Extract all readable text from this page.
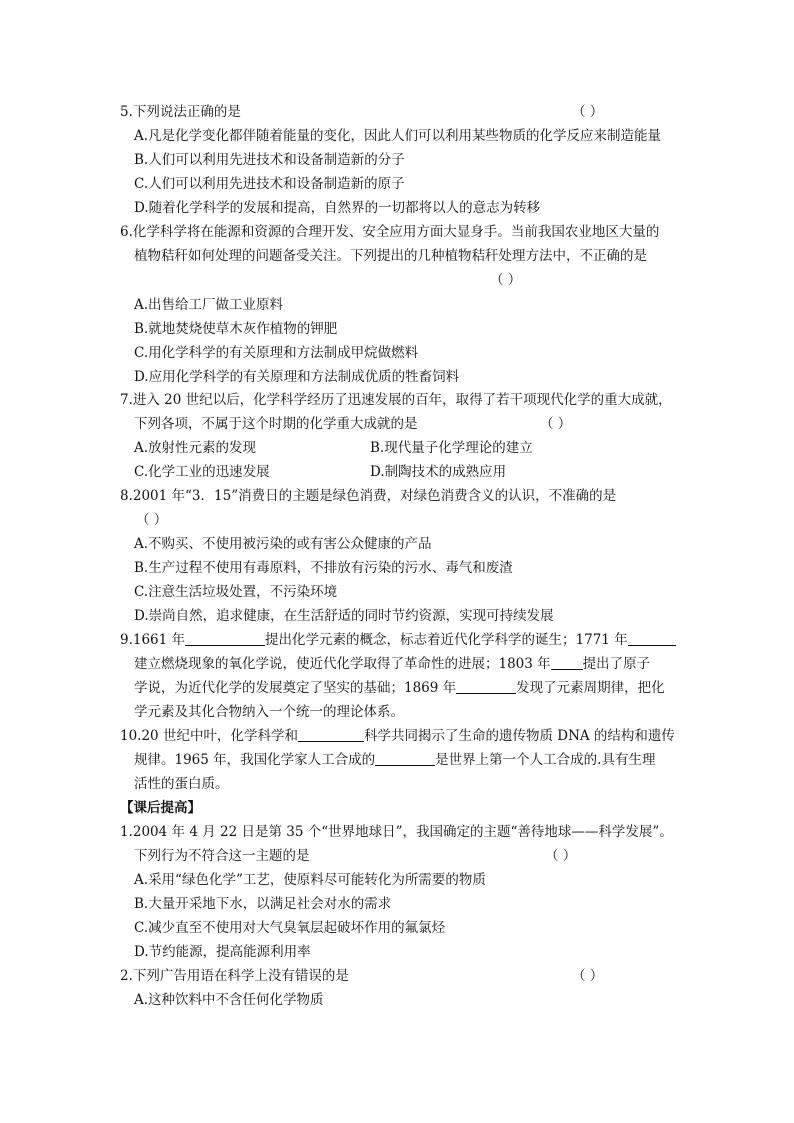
5.下列说法正确的是	（ ）
A.凡是化学变化都伴随着能量的变化，因此人们可以利用某些物质的化学反应来制造能量
B.人们可以利用先进技术和设备制造新的分子
C.人们可以利用先进技术和设备制造新的原子
D.随着化学科学的发展和提高，自然界的一切都将以人的意志为转移
6.化学科学将在能源和资源的合理开发、安全应用方面大显身手。当前我国农业地区大量的
植物秸秆如何处理的问题备受关注。下列提出的几种植物秸秆处理方法中，不正确的是
（ ）
A.出售给工厂做工业原料
B.就地焚烧使草木灰作植物的钾肥
C.用化学科学的有关原理和方法制成甲烷做燃料
D.应用化学科学的有关原理和方法制成优质的牲畜饲料
7.进入 20 世纪以后，化学科学经历了迅速发展的百年，取得了若干项现代化学的重大成就，
下列各项，不属于这个时期的化学重大成就的是	（ ）
A.放射性元素的发现	B.现代量子化学理论的建立
C.化学工业的迅速发展	D.制陶技术的成熟应用
8.2001 年“3．15”消费日的主题是绿色消费，对绿色消费含义的认识，不准确的是
（ ）
A.不购买、不使用被污染的或有害公众健康的产品
B.生产过程不使用有毒原料，不排放有污染的污水、毒气和废渣
C.注意生活垃圾处置，不污染环境
D.崇尚自然，追求健康，在生活舒适的同时节约资源，实现可持续发展
9.1661 年	提出化学元素的概念，标志着近代化学科学的诞生；1771 年
建立燃烧现象的氧化学说，使近代化学取得了革命性的进展；1803 年 提出了原子
学说，为近代化学的发展奠定了坚实的基础；1869 年	发现了元素周期律，把化
学元素及其化合物纳入一个统一的理论体系。
10.20 世纪中叶，化学科学和	科学共同揭示了生命的遗传物质 DNA 的结构和遗传
规律。1965 年，我国化学家人工合成的	是世界上第一个人工合成的.具有生理
活性的蛋白质。
【课后提高】
1.2004 年 4 月 22 日是第 35 个“世界地球日”，我国确定的主题“善待地球——科学发展”。
下列行为不符合这一主题的是	（ ）
A.采用“绿色化学”工艺，使原料尽可能转化为所需要的物质
B.大量开采地下水，以满足社会对水的需求
C.减少直至不使用对大气臭氧层起破坏作用的氟氯烃
D.节约能源，提高能源利用率
2.下列广告用语在科学上没有错误的是	（ ）
A.这种饮料中不含任何化学物质
